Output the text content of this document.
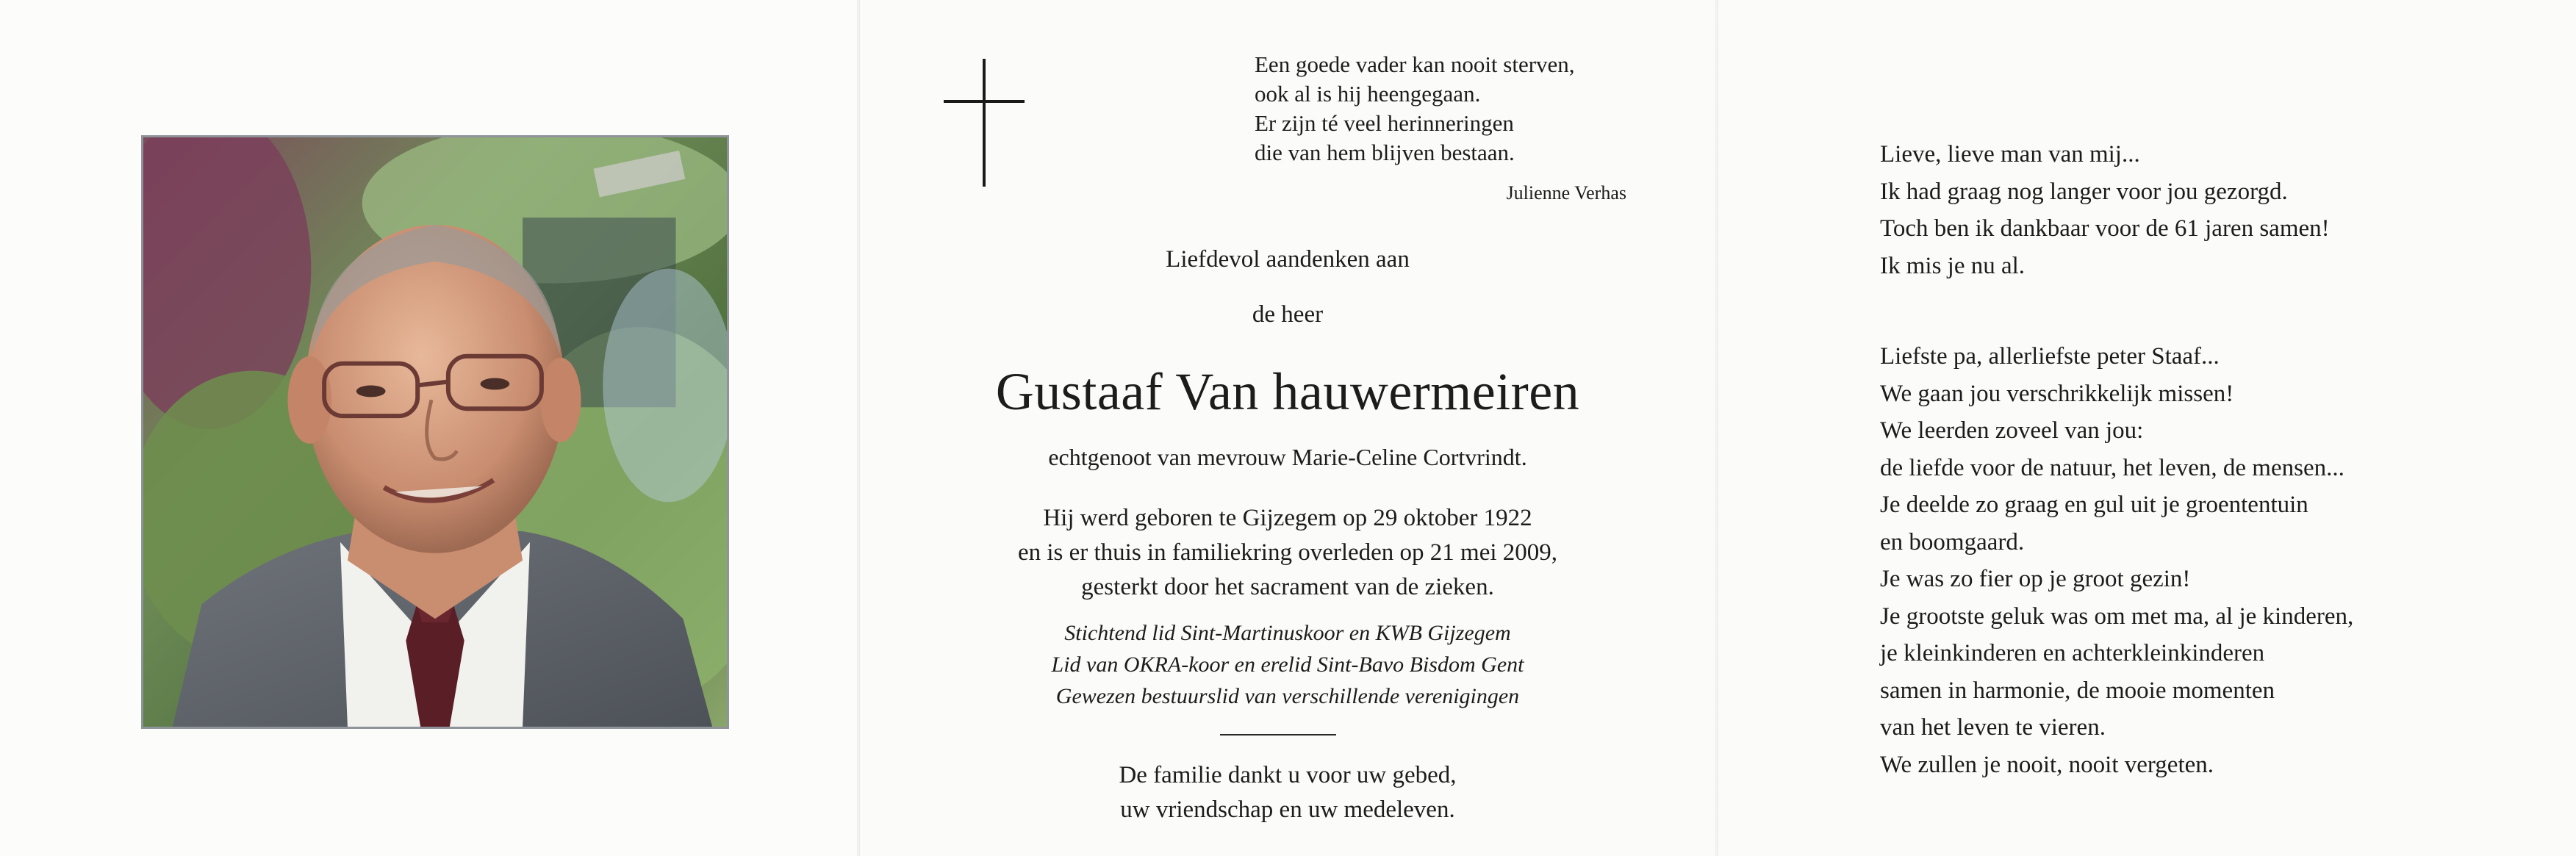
Een goede vader kan nooit sterven,
ook al is hij heengegaan.
Er zijn té veel herinneringen
die van hem blijven bestaan.
Julienne Verhas
Liefdevol aandenken aan
de heer
Gustaaf Van hauwermeiren
echtgenoot van mevrouw Marie-Celine Cortvrindt.
Hij werd geboren te Gijzegem op 29 oktober 1922
en is er thuis in familiekring overleden op 21 mei 2009,
gesterkt door het sacrament van de zieken.
Stichtend lid Sint-Martinuskoor en KWB Gijzegem
Lid van OKRA-koor en erelid Sint-Bavo Bisdom Gent
Gewezen bestuurslid van verschillende verenigingen
De familie dankt u voor uw gebed,
uw vriendschap en uw medeleven.
Lieve, lieve man van mij...
Ik had graag nog langer voor jou gezorgd.
Toch ben ik dankbaar voor de 61 jaren samen!
Ik mis je nu al.
Liefste pa, allerliefste peter Staaf...
We gaan jou verschrikkelijk missen!
We leerden zoveel van jou:
de liefde voor de natuur, het leven, de mensen...
Je deelde zo graag en gul uit je groententuin
en boomgaard.
Je was zo fier op je groot gezin!
Je grootste geluk was om met ma, al je kinderen,
je kleinkinderen en achterkleinkinderen
samen in harmonie, de mooie momenten
van het leven te vieren.
We zullen je nooit, nooit vergeten.
